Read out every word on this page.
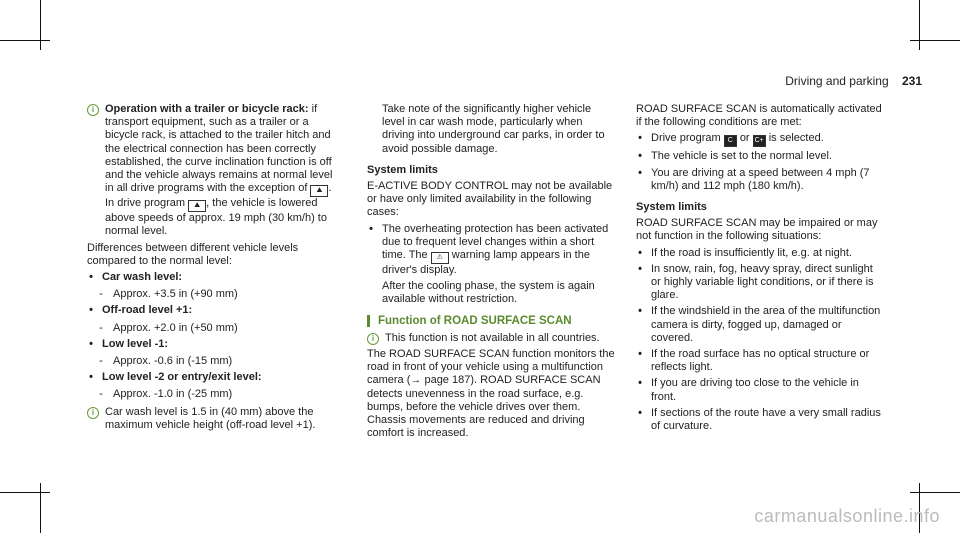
Driving and parking 231
i Operation with a trailer or bicycle rack: if transport equipment, such as a trailer or a bicycle rack, is attached to the trailer hitch and the electrical connection has been correctly established, the curve inclination function is off and the vehicle always remains at normal level in all drive programs with the exception of ⛰ . In drive program ⛰ , the vehicle is lowered above speeds of approx. 19 mph (30 km/h) to normal level.

Differences between different vehicle levels compared to the normal level:

• Car wash level:
- Approx. +3.5 in (+90 mm)
• Off-road level +1:
- Approx. +2.0 in (+50 mm)
• Low level -1:
- Approx. -0.6 in (-15 mm)
• Low level -2 or entry/exit level:
- Approx. -1.0 in (-25 mm)
i Car wash level is 1.5 in (40 mm) above the maximum vehicle height (off-road level +1).

Take note of the significantly higher vehicle level in car wash mode, particularly when driving into underground car parks, in order to avoid possible damage.

System limits

E-ACTIVE BODY CONTROL may not be available or have only limited availability in the following cases:

• The overheating protection has been activated due to frequent level changes within a short time. The ⚠ warning lamp appears in the driver's display.

After the cooling phase, the system is again available without restriction.

Function of ROAD SURFACE SCAN
i This function is not available in all countries.

The ROAD SURFACE SCAN function monitors the road in front of your vehicle using a multifunction camera (→ page 187). ROAD SURFACE SCAN detects unevenness in the road surface, e.g. bumps, before the vehicle drives over them. Chassis movements are reduced and driving comfort is increased.

ROAD SURFACE SCAN is automatically activated if the following conditions are met:

• Drive program C or C+ is selected.

• The vehicle is set to the normal level.

• You are driving at a speed between 4 mph (7 km/h) and 112 mph (180 km/h).

System limits

ROAD SURFACE SCAN may be impaired or may not function in the following situations:

• If the road is insufficiently lit, e.g. at night.

• In snow, rain, fog, heavy spray, direct sunlight or highly variable light conditions, or if there is glare.

• If the windshield in the area of the multifunction camera is dirty, fogged up, damaged or covered.

• If the road surface has no optical structure or reflects light.

• If you are driving too close to the vehicle in front.

• If sections of the route have a very small radius of curvature.

carmanualsonline.info
